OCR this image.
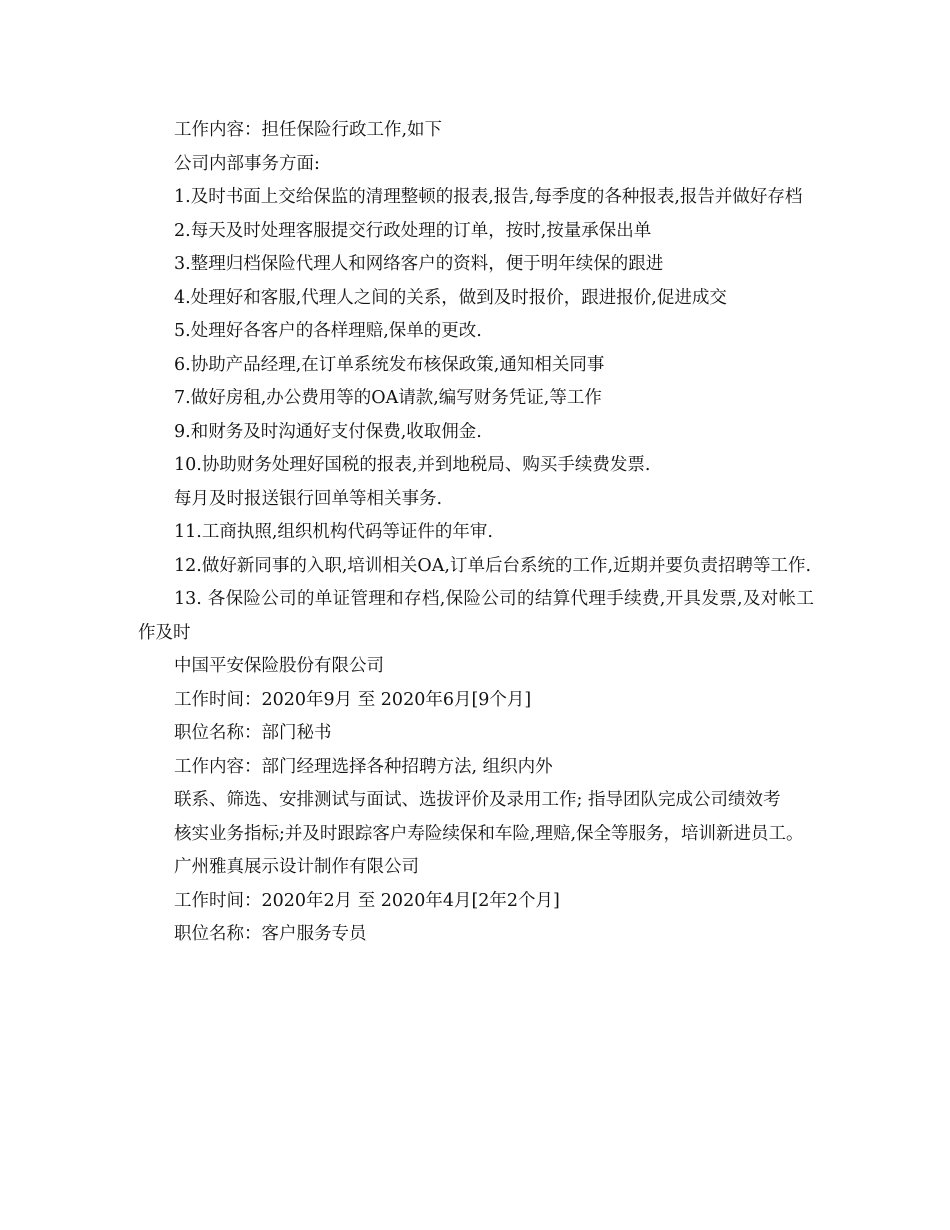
工作内容：担任保险行政工作,如下

公司内部事务方面:

1.及时书面上交给保监的清理整顿的报表,报告,每季度的各种报表,报告并做好存档

2.每天及时处理客服提交行政处理的订单，按时,按量承保出单

3.整理归档保险代理人和网络客户的资料，便于明年续保的跟进

4.处理好和客服,代理人之间的关系，做到及时报价，跟进报价,促进成交

5.处理好各客户的各样理赔,保单的更改.

6.协助产品经理,在订单系统发布核保政策,通知相关同事

7.做好房租,办公费用等的OA请款,编写财务凭证,等工作

9.和财务及时沟通好支付保费,收取佣金.

10.协助财务处理好国税的报表,并到地税局、购买手续费发票.

每月及时报送银行回单等相关事务.

11.工商执照,组织机构代码等证件的年审.

12.做好新同事的入职,培训相关OA,订单后台系统的工作,近期并要负责招聘等工作.

13. 各保险公司的单证管理和存档,保险公司的结算代理手续费,开具发票,及对帐工作及时

中国平安保险股份有限公司

工作时间：2020年9月 至 2020年6月[9个月]

职位名称：部门秘书

工作内容：部门经理选择各种招聘方法, 组织内外

联系、筛选、安排测试与面试、选拔评价及录用工作; 指导团队完成公司绩效考

核实业务指标;并及时跟踪客户寿险续保和车险,理赔,保全等服务，培训新进员工。

广州雅真展示设计制作有限公司

工作时间：2020年2月 至 2020年4月[2年2个月]

职位名称：客户服务专员
